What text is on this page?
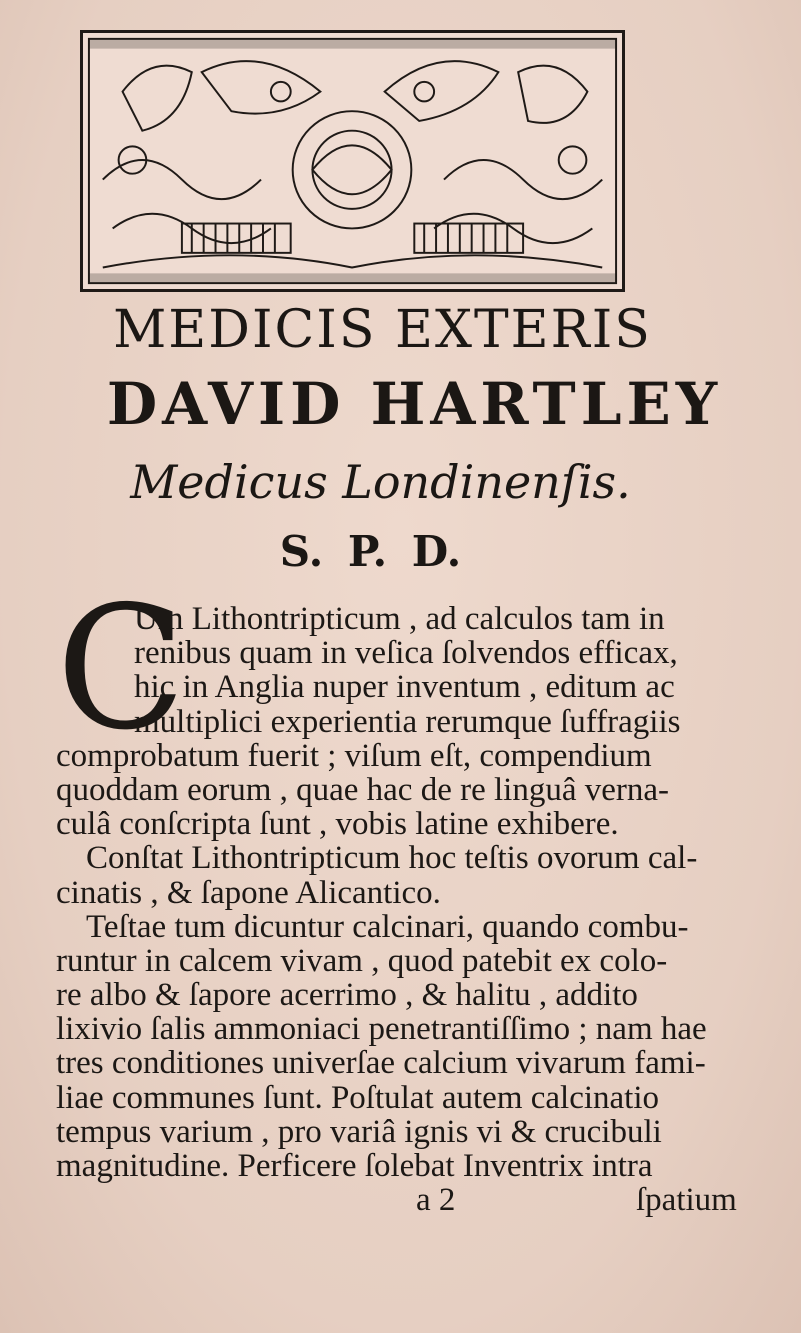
MEDICIS EXTERIS
DAVID HARTLEY
Medicus Londinenſis.
S. P. D.
C
Um Lithontripticum , ad calculos tam in
renibus quam in veſica ſolvendos efficax,
hic in Anglia nuper inventum , editum ac
multiplici experientia rerumque ſuffragiis
comprobatum fuerit ; viſum eſt, compendium
quoddam eorum , quae hac de re linguâ verna-
culâ conſcripta ſunt , vobis latine exhibere.
Conſtat Lithontripticum hoc teſtis ovorum cal-
cinatis , & ſapone Alicantico.
Teſtae tum dicuntur calcinari, quando combu-
runtur in calcem vivam , quod patebit ex colo-
re albo & ſapore acerrimo , & halitu , addito
lixivio ſalis ammoniaci penetrantiſſimo ; nam hae
tres conditiones univerſae calcium vivarum fami-
liae communes ſunt. Poſtulat autem calcinatio
tempus varium , pro variâ ignis vi & crucibuli
magnitudine. Perficere ſolebat Inventrix intra
a 2	ſpatium
